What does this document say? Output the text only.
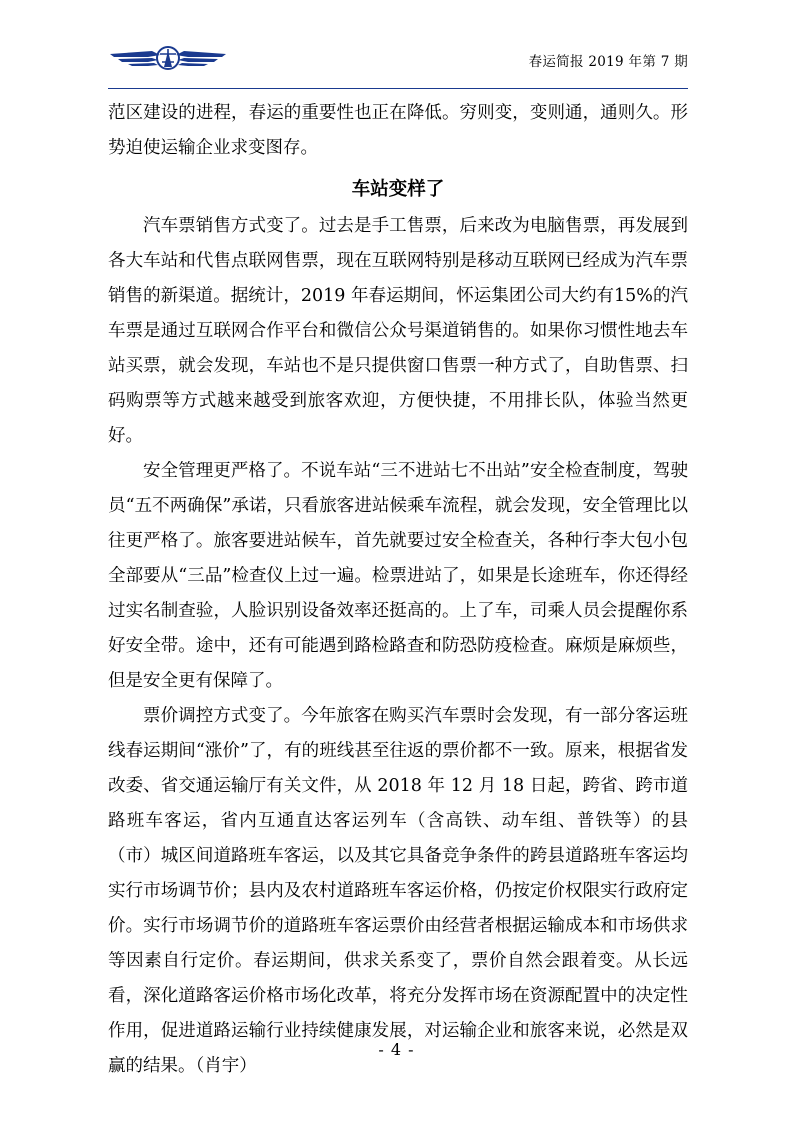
春运简报 2019 年第 7 期

范区建设的进程，春运的重要性也正在降低。穷则变，变则通，通则久。形势迫使运输企业求变图存。

车站变样了

汽车票销售方式变了。过去是手工售票，后来改为电脑售票，再发展到各大车站和代售点联网售票，现在互联网特别是移动互联网已经成为汽车票销售的新渠道。据统计，2019 年春运期间，怀运集团公司大约有15%的汽车票是通过互联网合作平台和微信公众号渠道销售的。如果你习惯性地去车站买票，就会发现，车站也不是只提供窗口售票一种方式了，自助售票、扫码购票等方式越来越受到旅客欢迎，方便快捷，不用排长队，体验当然更好。

安全管理更严格了。不说车站“三不进站七不出站”安全检查制度，驾驶员“五不两确保”承诺，只看旅客进站候乘车流程，就会发现，安全管理比以往更严格了。旅客要进站候车，首先就要过安全检查关，各种行李大包小包全部要从“三品”检查仪上过一遍。检票进站了，如果是长途班车，你还得经过实名制查验，人脸识别设备效率还挺高的。上了车，司乘人员会提醒你系好安全带。途中，还有可能遇到路检路查和防恐防疫检查。麻烦是麻烦些，但是安全更有保障了。

票价调控方式变了。今年旅客在购买汽车票时会发现，有一部分客运班线春运期间“涨价”了，有的班线甚至往返的票价都不一致。原来，根据省发改委、省交通运输厅有关文件，从 2018 年 12 月 18 日起，跨省、跨市道路班车客运，省内互通直达客运列车（含高铁、动车组、普铁等）的县（市）城区间道路班车客运，以及其它具备竞争条件的跨县道路班车客运均实行市场调节价；县内及农村道路班车客运价格，仍按定价权限实行政府定价。实行市场调节价的道路班车客运票价由经营者根据运输成本和市场供求等因素自行定价。春运期间，供求关系变了，票价自然会跟着变。从长远看，深化道路客运价格市场化改革，将充分发挥市场在资源配置中的决定性作用，促进道路运输行业持续健康发展，对运输企业和旅客来说，必然是双赢的结果。（肖宇）

- 4 -
